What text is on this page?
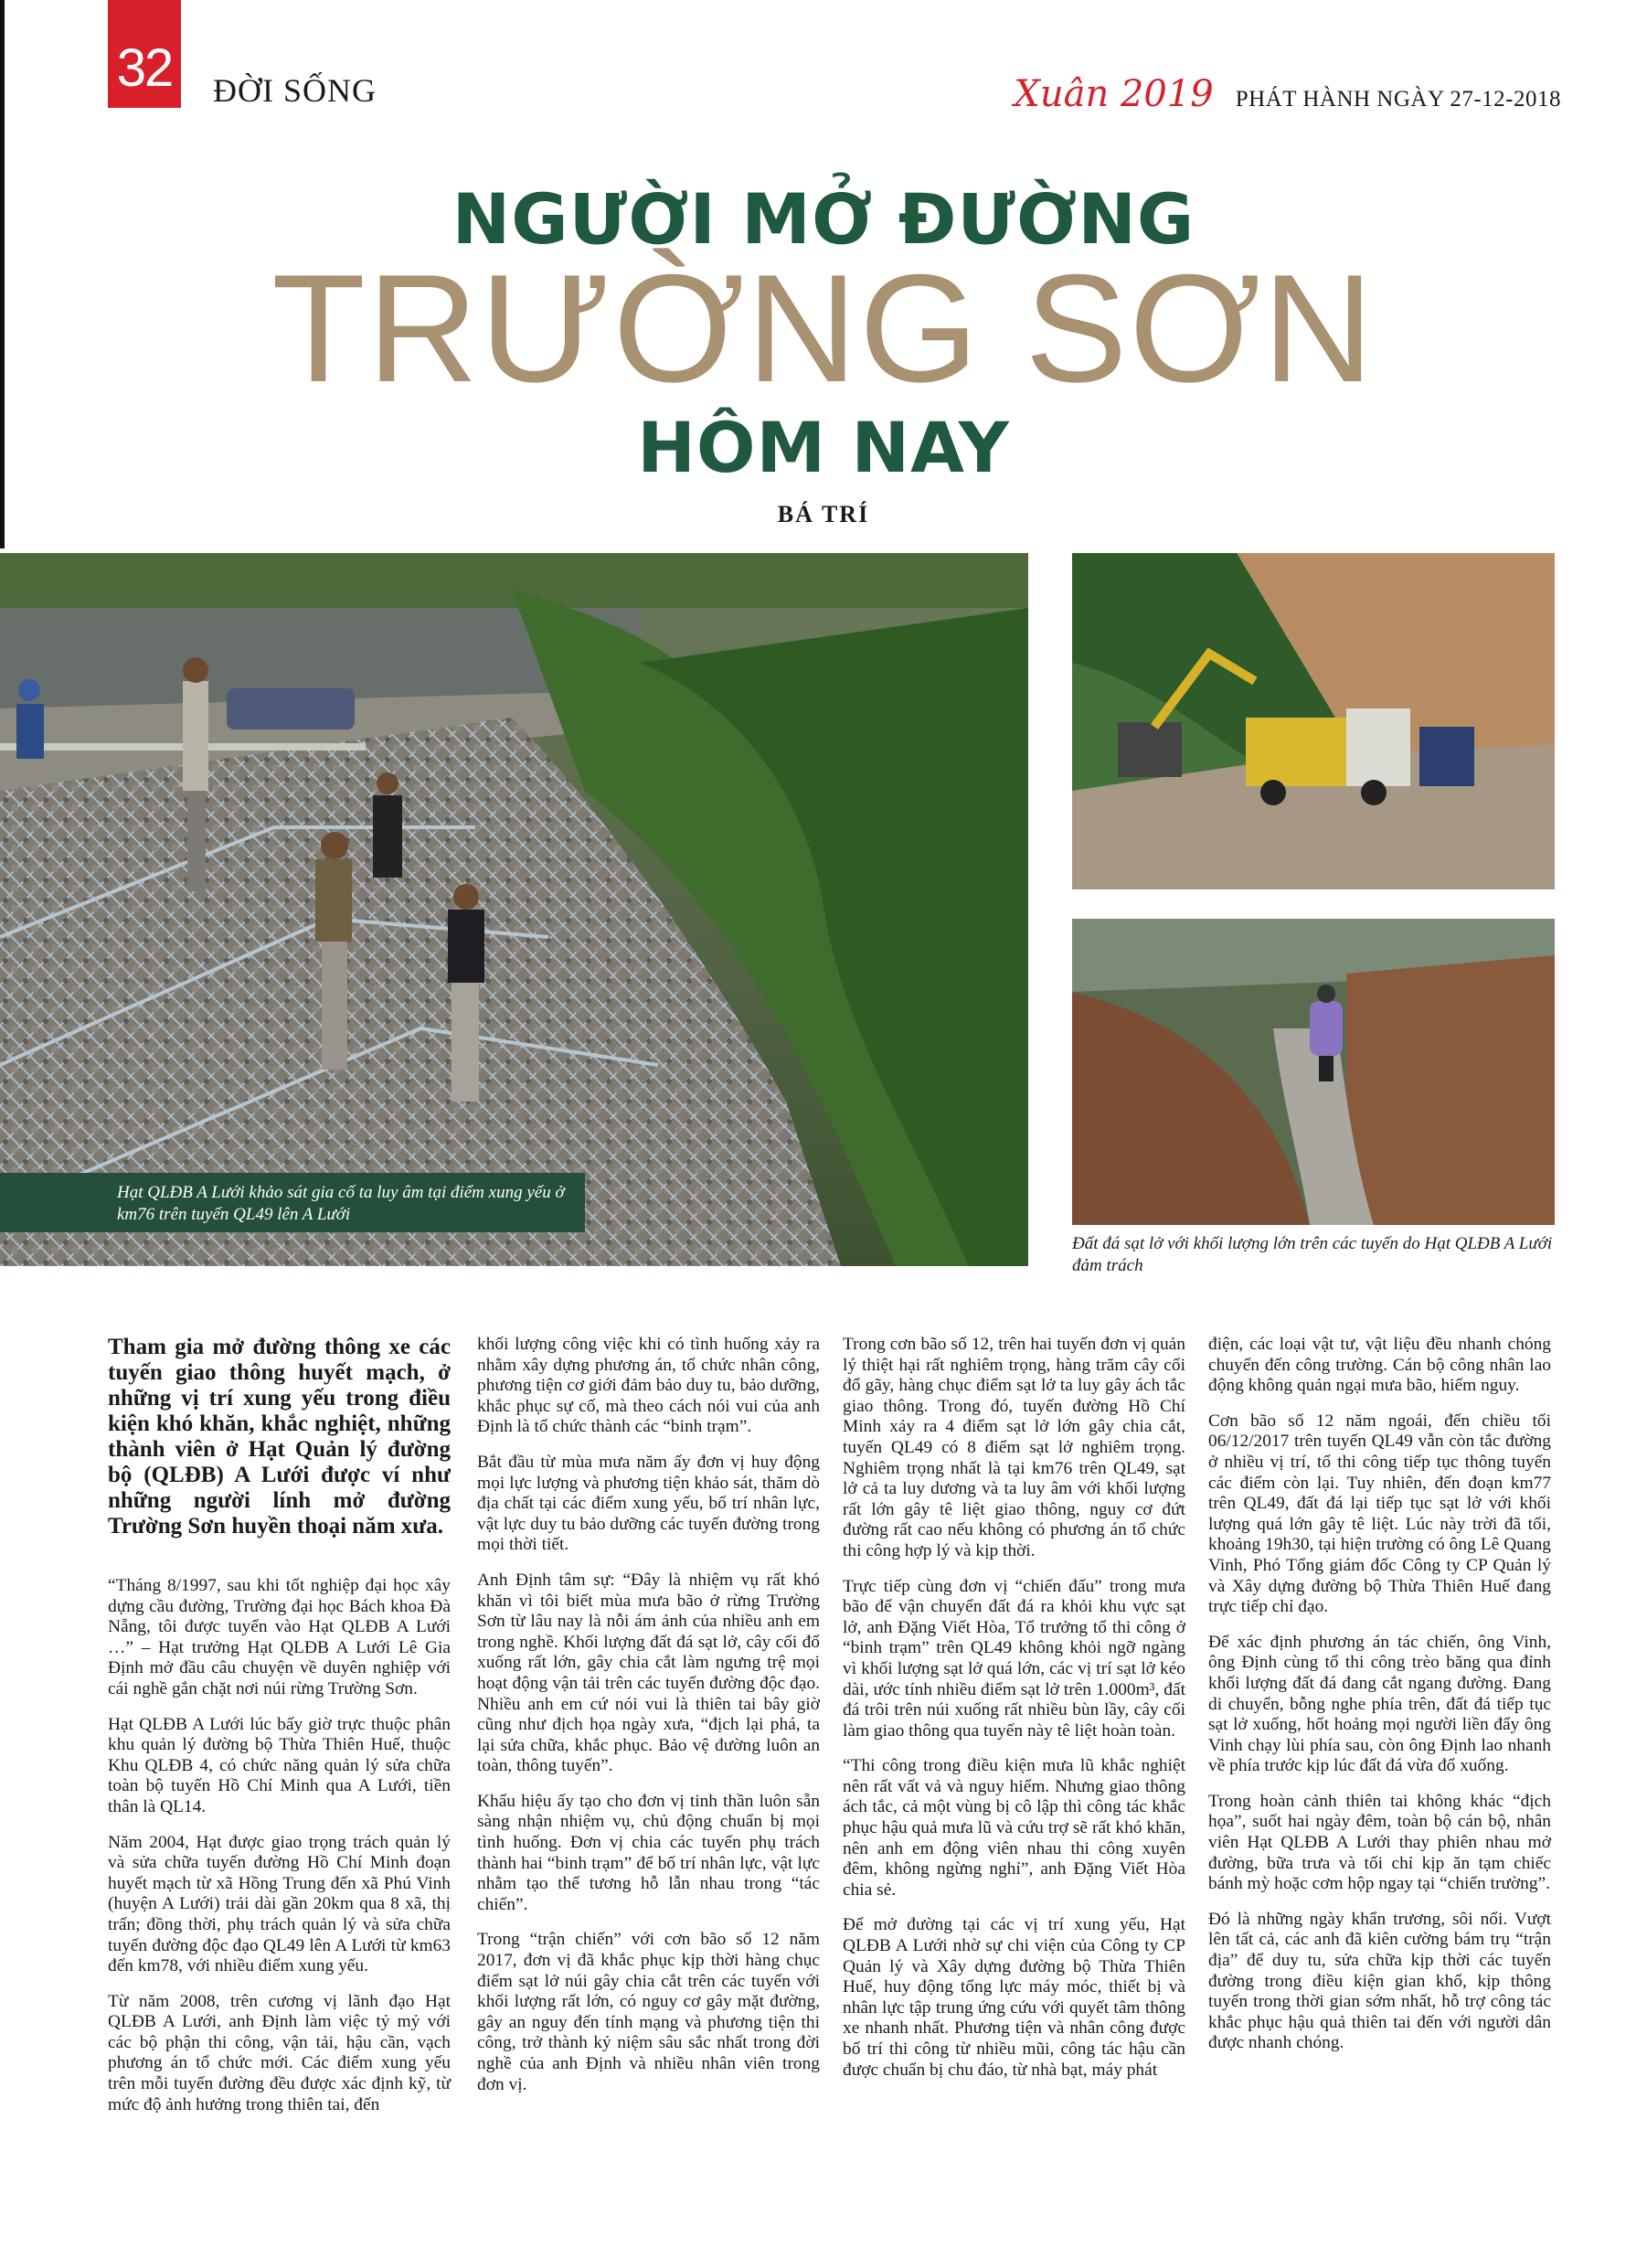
32 ĐỜI SỐNG	Xuân 2019 PHÁT HÀNH NGÀY 27-12-2018
NGƯỜI MỞ ĐƯỜNG
TRƯỜNG SƠN
HÔM NAY
BÁ TRÍ
Hạt QLĐB A Lưới khảo sát gia cố ta luy âm tại điểm xung yếu ở km76 trên tuyến QL49 lên A Lưới
Đất đá sạt lở với khối lượng lớn trên các tuyến do Hạt QLĐB A Lưới đảm trách

Tham gia mở đường thông xe các tuyến giao thông huyết mạch, ở những vị trí xung yếu trong điều kiện khó khăn, khắc nghiệt, những thành viên ở Hạt Quản lý đường bộ (QLĐB) A Lưới được ví như những người lính mở đường Trường Sơn huyền thoại năm xưa.

“Tháng 8/1997, sau khi tốt nghiệp đại học xây dựng cầu đường, Trường đại học Bách khoa Đà Nẵng, tôi được tuyển vào Hạt QLĐB A Lưới …” – Hạt trưởng Hạt QLĐB A Lưới Lê Gia Định mở đầu câu chuyện về duyên nghiệp với cái nghề gắn chặt nơi núi rừng Trường Sơn.

Hạt QLĐB A Lưới lúc bấy giờ trực thuộc phân khu quản lý đường bộ Thừa Thiên Huế, thuộc Khu QLĐB 4, có chức năng quản lý sửa chữa toàn bộ tuyến Hồ Chí Minh qua A Lưới, tiền thân là QL14.

Năm 2004, Hạt được giao trọng trách quản lý và sửa chữa tuyến đường Hồ Chí Minh đoạn huyết mạch từ xã Hồng Trung đến xã Phú Vinh (huyện A Lưới) trải dài gần 20km qua 8 xã, thị trấn; đồng thời, phụ trách quản lý và sửa chữa tuyến đường độc đạo QL49 lên A Lưới từ km63 đến km78, với nhiều điểm xung yếu.

Từ năm 2008, trên cương vị lãnh đạo Hạt QLĐB A Lưới, anh Định làm việc tỷ mỷ với các bộ phận thi công, vận tải, hậu cần, vạch phương án tổ chức mới. Các điểm xung yếu trên mỗi tuyến đường đều được xác định kỹ, từ mức độ ảnh hưởng trong thiên tai, đến

khối lượng công việc khi có tình huống xảy ra nhằm xây dựng phương án, tổ chức nhân công, phương tiện cơ giới đảm bảo duy tu, bảo dưỡng, khắc phục sự cố, mà theo cách nói vui của anh Định là tổ chức thành các “binh trạm”.

Bắt đầu từ mùa mưa năm ấy đơn vị huy động mọi lực lượng và phương tiện khảo sát, thăm dò địa chất tại các điểm xung yếu, bố trí nhân lực, vật lực duy tu bảo dưỡng các tuyến đường trong mọi thời tiết.

Anh Định tâm sự: “Đây là nhiệm vụ rất khó khăn vì tôi biết mùa mưa bão ở rừng Trường Sơn từ lâu nay là nỗi ám ảnh của nhiều anh em trong nghề. Khối lượng đất đá sạt lở, cây cối đổ xuống rất lớn, gây chia cắt làm ngưng trệ mọi hoạt động vận tải trên các tuyến đường độc đạo. Nhiều anh em cứ nói vui là thiên tai bây giờ cũng như địch họa ngày xưa, “địch lại phá, ta lại sửa chữa, khắc phục. Bảo vệ đường luôn an toàn, thông tuyến”.

Khẩu hiệu ấy tạo cho đơn vị tinh thần luôn sẵn sàng nhận nhiệm vụ, chủ động chuẩn bị mọi tình huống. Đơn vị chia các tuyến phụ trách thành hai “binh trạm” để bố trí nhân lực, vật lực nhằm tạo thế tương hỗ lẫn nhau trong “tác chiến”.

Trong “trận chiến” với cơn bão số 12 năm 2017, đơn vị đã khắc phục kịp thời hàng chục điểm sạt lở núi gây chia cắt trên các tuyến với khối lượng rất lớn, có nguy cơ gây mặt đường, gây an nguy đến tính mạng và phương tiện thi công, trở thành kỷ niệm sâu sắc nhất trong đời nghề của anh Định và nhiều nhân viên trong đơn vị.

Trong cơn bão số 12, trên hai tuyến đơn vị quản lý thiệt hại rất nghiêm trọng, hàng trăm cây cối đổ gãy, hàng chục điểm sạt lở ta luy gây ách tắc giao thông. Trong đó, tuyến đường Hồ Chí Minh xảy ra 4 điểm sạt lở lớn gây chia cắt, tuyến QL49 có 8 điểm sạt lở nghiêm trọng. Nghiêm trọng nhất là tại km76 trên QL49, sạt lở cả ta luy dương và ta luy âm với khối lượng rất lớn gây tê liệt giao thông, nguy cơ đứt đường rất cao nếu không có phương án tổ chức thi công hợp lý và kịp thời.

Trực tiếp cùng đơn vị “chiến đấu” trong mưa bão để vận chuyển đất đá ra khỏi khu vực sạt lở, anh Đặng Viết Hòa, Tổ trưởng tổ thi công ở “binh trạm” trên QL49 không khỏi ngỡ ngàng vì khối lượng sạt lở quá lớn, các vị trí sạt lở kéo dài, ước tính nhiều điểm sạt lở trên 1.000m³, đất đá trôi trên núi xuống rất nhiều bùn lầy, cây cối làm giao thông qua tuyến này tê liệt hoàn toàn.

“Thi công trong điều kiện mưa lũ khắc nghiệt nên rất vất vả và nguy hiểm. Nhưng giao thông ách tắc, cả một vùng bị cô lập thì công tác khắc phục hậu quả mưa lũ và cứu trợ sẽ rất khó khăn, nên anh em động viên nhau thi công xuyên đêm, không ngừng nghỉ”, anh Đặng Viết Hòa chia sẻ.

Để mở đường tại các vị trí xung yếu, Hạt QLĐB A Lưới nhờ sự chi viện của Công ty CP Quản lý và Xây dựng đường bộ Thừa Thiên Huế, huy động tổng lực máy móc, thiết bị và nhân lực tập trung ứng cứu với quyết tâm thông xe nhanh nhất. Phương tiện và nhân công được bố trí thi công từ nhiều mũi, công tác hậu cần được chuẩn bị chu đáo, từ nhà bạt, máy phát

điện, các loại vật tư, vật liệu đều nhanh chóng chuyển đến công trường. Cán bộ công nhân lao động không quản ngại mưa bão, hiểm nguy.

Cơn bão số 12 năm ngoái, đến chiều tối 06/12/2017 trên tuyến QL49 vẫn còn tắc đường ở nhiều vị trí, tổ thi công tiếp tục thông tuyến các điểm còn lại. Tuy nhiên, đến đoạn km77 trên QL49, đất đá lại tiếp tục sạt lở với khối lượng quá lớn gây tê liệt. Lúc này trời đã tối, khoảng 19h30, tại hiện trường có ông Lê Quang Vinh, Phó Tổng giám đốc Công ty CP Quản lý và Xây dựng đường bộ Thừa Thiên Huế đang trực tiếp chỉ đạo.

Để xác định phương án tác chiến, ông Vinh, ông Định cùng tổ thi công trèo băng qua đỉnh khối lượng đất đá đang cắt ngang đường. Đang di chuyển, bỗng nghe phía trên, đất đá tiếp tục sạt lở xuống, hốt hoảng mọi người liền đẩy ông Vinh chạy lùi phía sau, còn ông Định lao nhanh về phía trước kịp lúc đất đá vừa đổ xuống.

Trong hoàn cảnh thiên tai không khác “địch họa”, suốt hai ngày đêm, toàn bộ cán bộ, nhân viên Hạt QLĐB A Lưới thay phiên nhau mở đường, bữa trưa và tối chỉ kịp ăn tạm chiếc bánh mỳ hoặc cơm hộp ngay tại “chiến trường”.

Đó là những ngày khẩn trương, sôi nổi. Vượt lên tất cả, các anh đã kiên cường bám trụ “trận địa” để duy tu, sửa chữa kịp thời các tuyến đường trong điều kiện gian khổ, kịp thông tuyến trong thời gian sớm nhất, hỗ trợ công tác khắc phục hậu quả thiên tai đến với người dân được nhanh chóng.
